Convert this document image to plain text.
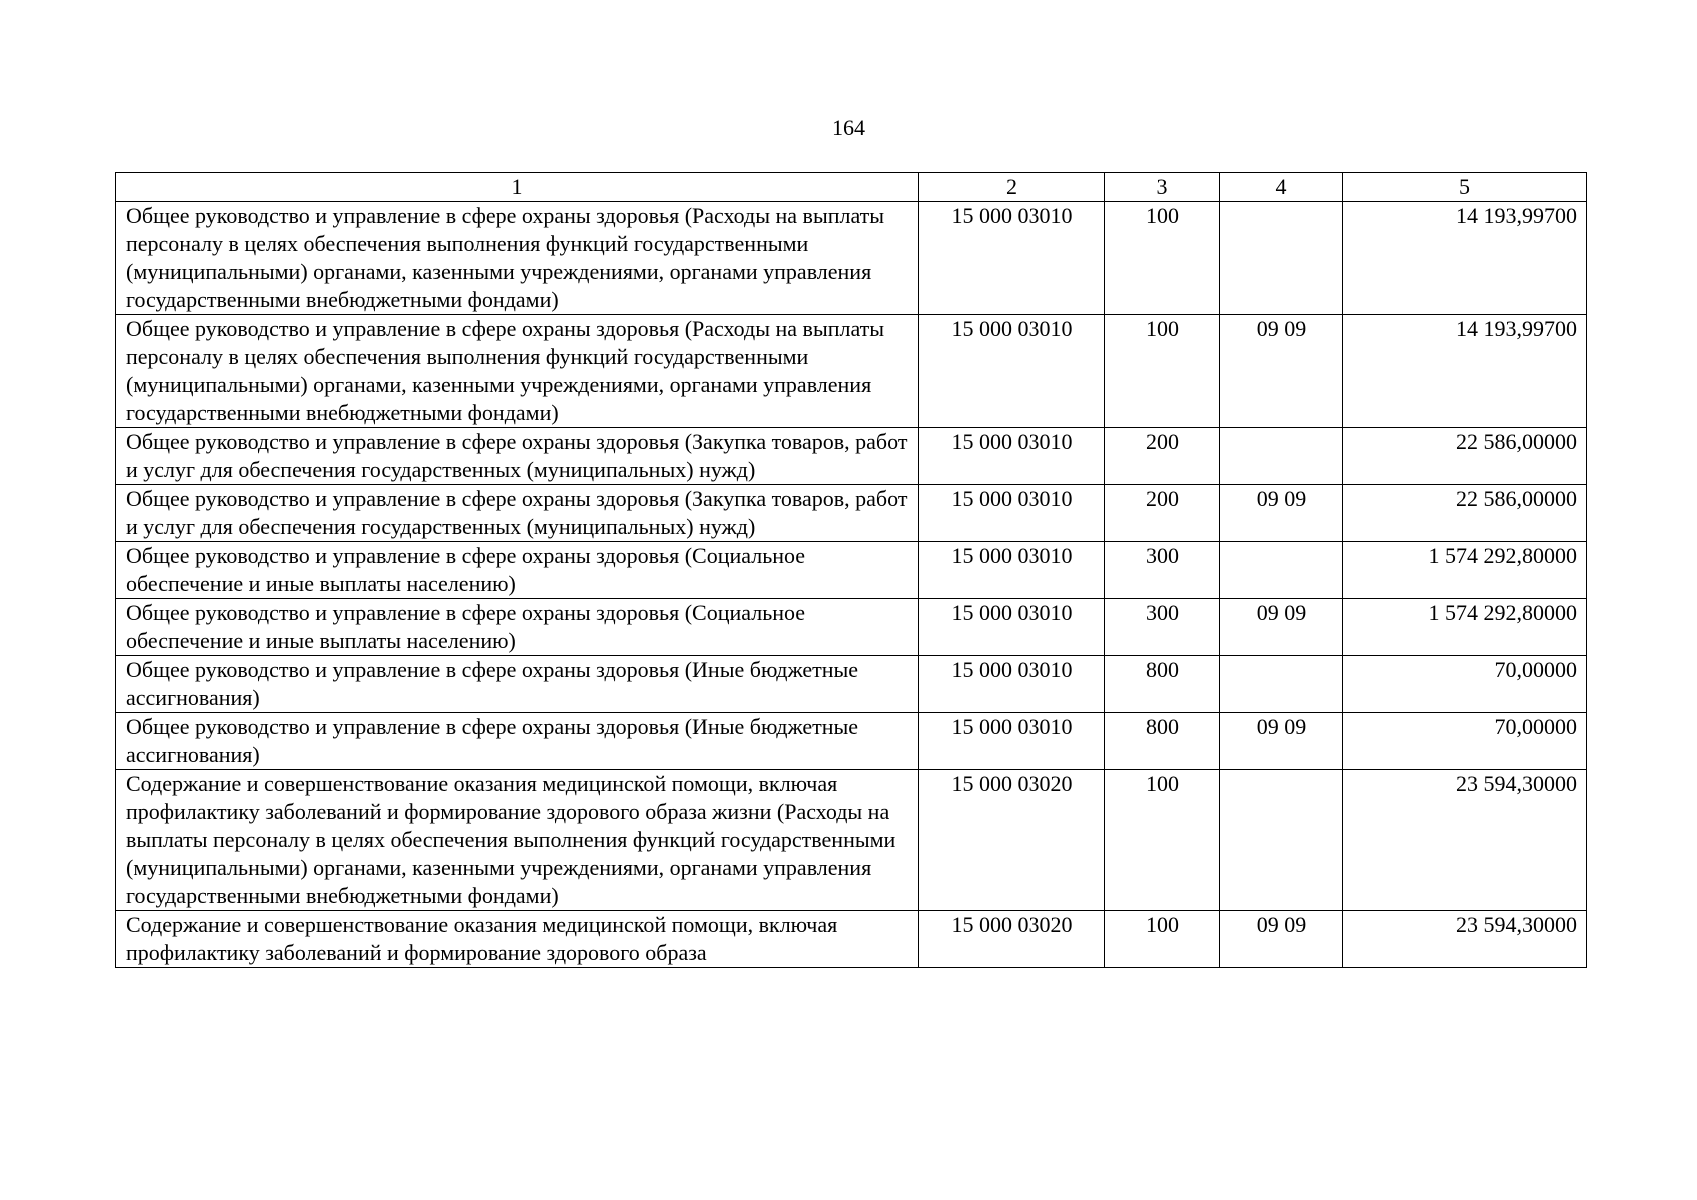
164
1	2	3	4	5
Общее руководство и управление в сфере охраны здоровья (Расходы на выплаты персоналу в целях обеспечения выполнения функций государственными (муниципальными) органами, казенными учреждениями, органами управления государственными внебюджетными фондами)	15 000 03010	100		14 193,99700
Общее руководство и управление в сфере охраны здоровья (Расходы на выплаты персоналу в целях обеспечения выполнения функций государственными (муниципальными) органами, казенными учреждениями, органами управления государственными внебюджетными фондами)	15 000 03010	100	09 09	14 193,99700
Общее руководство и управление в сфере охраны здоровья (Закупка товаров, работ и услуг для обеспечения государственных (муниципальных) нужд)	15 000 03010	200		22 586,00000
Общее руководство и управление в сфере охраны здоровья (Закупка товаров, работ и услуг для обеспечения государственных (муниципальных) нужд)	15 000 03010	200	09 09	22 586,00000
Общее руководство и управление в сфере охраны здоровья (Социальное обеспечение и иные выплаты населению)	15 000 03010	300		1 574 292,80000
Общее руководство и управление в сфере охраны здоровья (Социальное обеспечение и иные выплаты населению)	15 000 03010	300	09 09	1 574 292,80000
Общее руководство и управление в сфере охраны здоровья (Иные бюджетные ассигнования)	15 000 03010	800		70,00000
Общее руководство и управление в сфере охраны здоровья (Иные бюджетные ассигнования)	15 000 03010	800	09 09	70,00000
Содержание и совершенствование оказания медицинской помощи, включая профилактику заболеваний и формирование здорового образа жизни (Расходы на выплаты персоналу в целях обеспечения выполнения функций государственными (муниципальными) органами, казенными учреждениями, органами управления государственными внебюджетными фондами)	15 000 03020	100		23 594,30000
Содержание и совершенствование оказания медицинской помощи, включая профилактику заболеваний и формирование здорового образа	15 000 03020	100	09 09	23 594,30000
